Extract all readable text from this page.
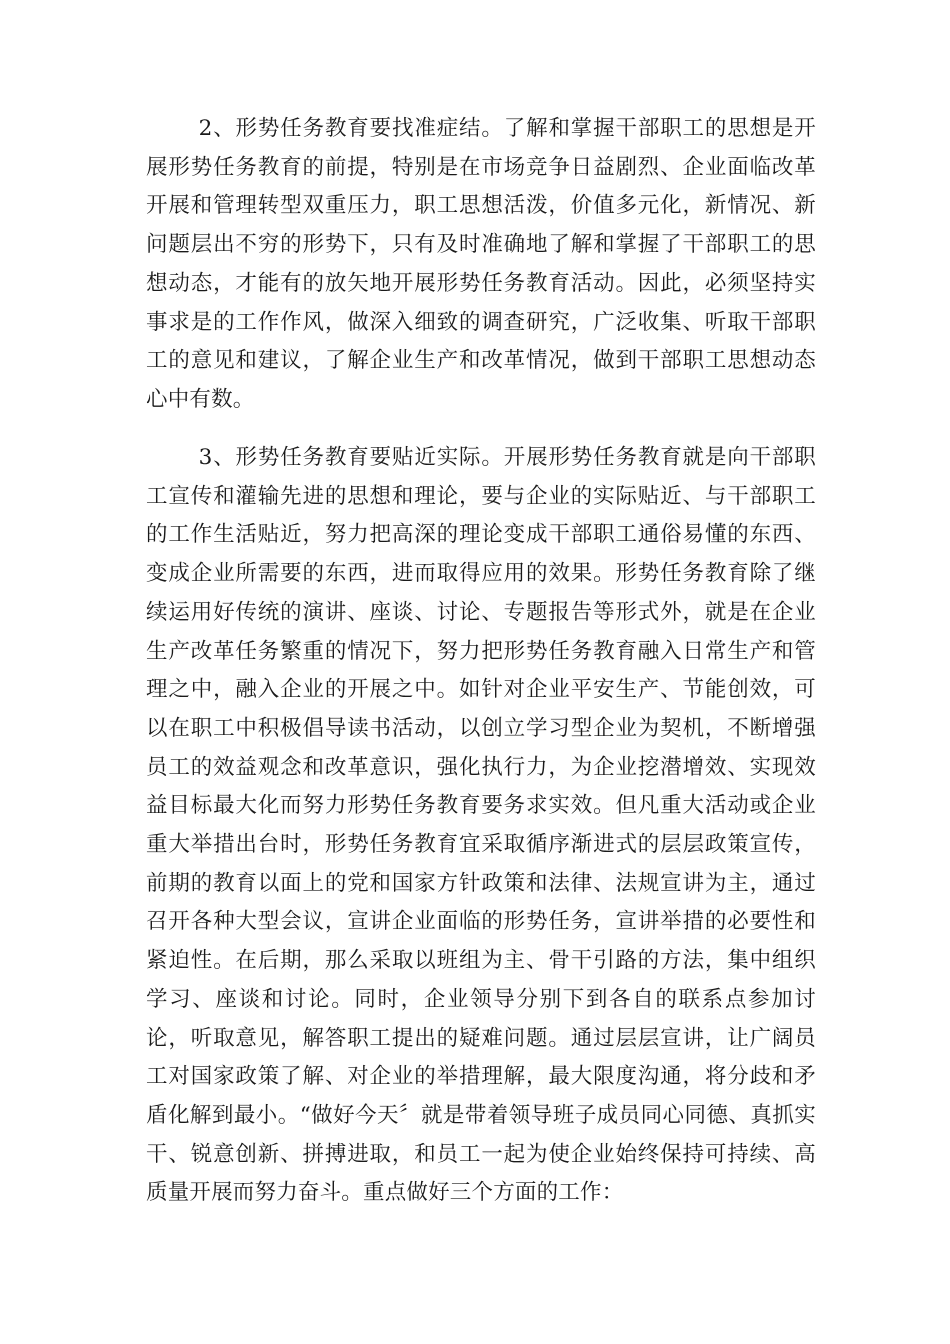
2、形势任务教育要找准症结。了解和掌握干部职工的思想是开展形势任务教育的前提，特别是在市场竞争日益剧烈、企业面临改革开展和管理转型双重压力，职工思想活泼，价值多元化，新情况、新问题层出不穷的形势下，只有及时准确地了解和掌握了干部职工的思想动态，才能有的放矢地开展形势任务教育活动。因此，必须坚持实事求是的工作作风，做深入细致的调查研究，广泛收集、听取干部职工的意见和建议，了解企业生产和改革情况，做到干部职工思想动态心中有数。

3、形势任务教育要贴近实际。开展形势任务教育就是向干部职工宣传和灌输先进的思想和理论，要与企业的实际贴近、与干部职工的工作生活贴近，努力把高深的理论变成干部职工通俗易懂的东西、变成企业所需要的东西，进而取得应用的效果。形势任务教育除了继续运用好传统的演讲、座谈、讨论、专题报告等形式外，就是在企业生产改革任务繁重的情况下，努力把形势任务教育融入日常生产和管理之中，融入企业的开展之中。如针对企业平安生产、节能创效，可以在职工中积极倡导读书活动，以创立学习型企业为契机，不断增强员工的效益观念和改革意识，强化执行力，为企业挖潜增效、实现效益目标最大化而努力形势任务教育要务求实效。但凡重大活动或企业重大举措出台时，形势任务教育宜采取循序渐进式的层层政策宣传，前期的教育以面上的党和国家方针政策和法律、法规宣讲为主，通过召开各种大型会议，宣讲企业面临的形势任务，宣讲举措的必要性和紧迫性。在后期，那么采取以班组为主、骨干引路的方法，集中组织学习、座谈和讨论。同时，企业领导分别下到各自的联系点参加讨论，听取意见，解答职工提出的疑难问题。通过层层宣讲，让广阔员工对国家政策了解、对企业的举措理解，最大限度沟通，将分歧和矛盾化解到最小。“做好今天〞就是带着领导班子成员同心同德、真抓实干、锐意创新、拼搏进取，和员工一起为使企业始终保持可持续、高质量开展而努力奋斗。重点做好三个方面的工作：
